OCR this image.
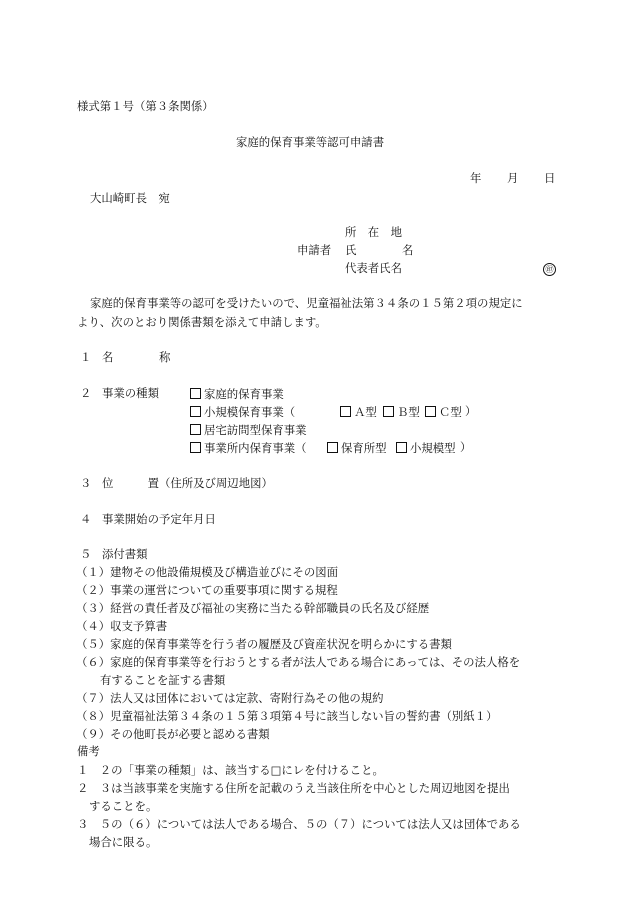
様式第１号（第３条関係）
家庭的保育事業等認可申請書
年 月 日
大山崎町長　宛
所　在　地
申請者 氏　　　　名
代表者氏名	㊞
家庭的保育事業等の認可を受けたいので、児童福祉法第３４条の１５第２項の規定に
より、次のとおり関係書類を添えて申請します。
１ 名　　　　称
２ 事業の種類	家庭的保育事業
小規模保育事業（	Ａ型	Ｂ型	Ｃ型 ）
居宅訪問型保育事業
事業所内保育事業（	保育所型	小規模型 ）
３ 位　　　置（住所及び周辺地図）
４ 事業開始の予定年月日
５ 添付書類
（１）建物その他設備規模及び構造並びにその図面
（２）事業の運営についての重要事項に関する規程
（３）経営の責任者及び福祉の実務に当たる幹部職員の氏名及び経歴
（４）収支予算書
（５）家庭的保育事業等を行う者の履歴及び資産状況を明らかにする書類
（６）家庭的保育事業等を行おうとする者が法人である場合にあっては、その法人格を
有することを証する書類
（７）法人又は団体においては定款、寄附行為その他の規約
（８）児童福祉法第３４条の１５第３項第４号に該当しない旨の誓約書（別紙１）
（９）その他町長が必要と認める書類
備考
１　２の「事業の種類」は、該当する□にレを付けること。
２　３は当該事業を実施する住所を記載のうえ当該住所を中心とした周辺地図を提出
することを。
３　５の（６）については法人である場合、５の（７）については法人又は団体である
場合に限る。
